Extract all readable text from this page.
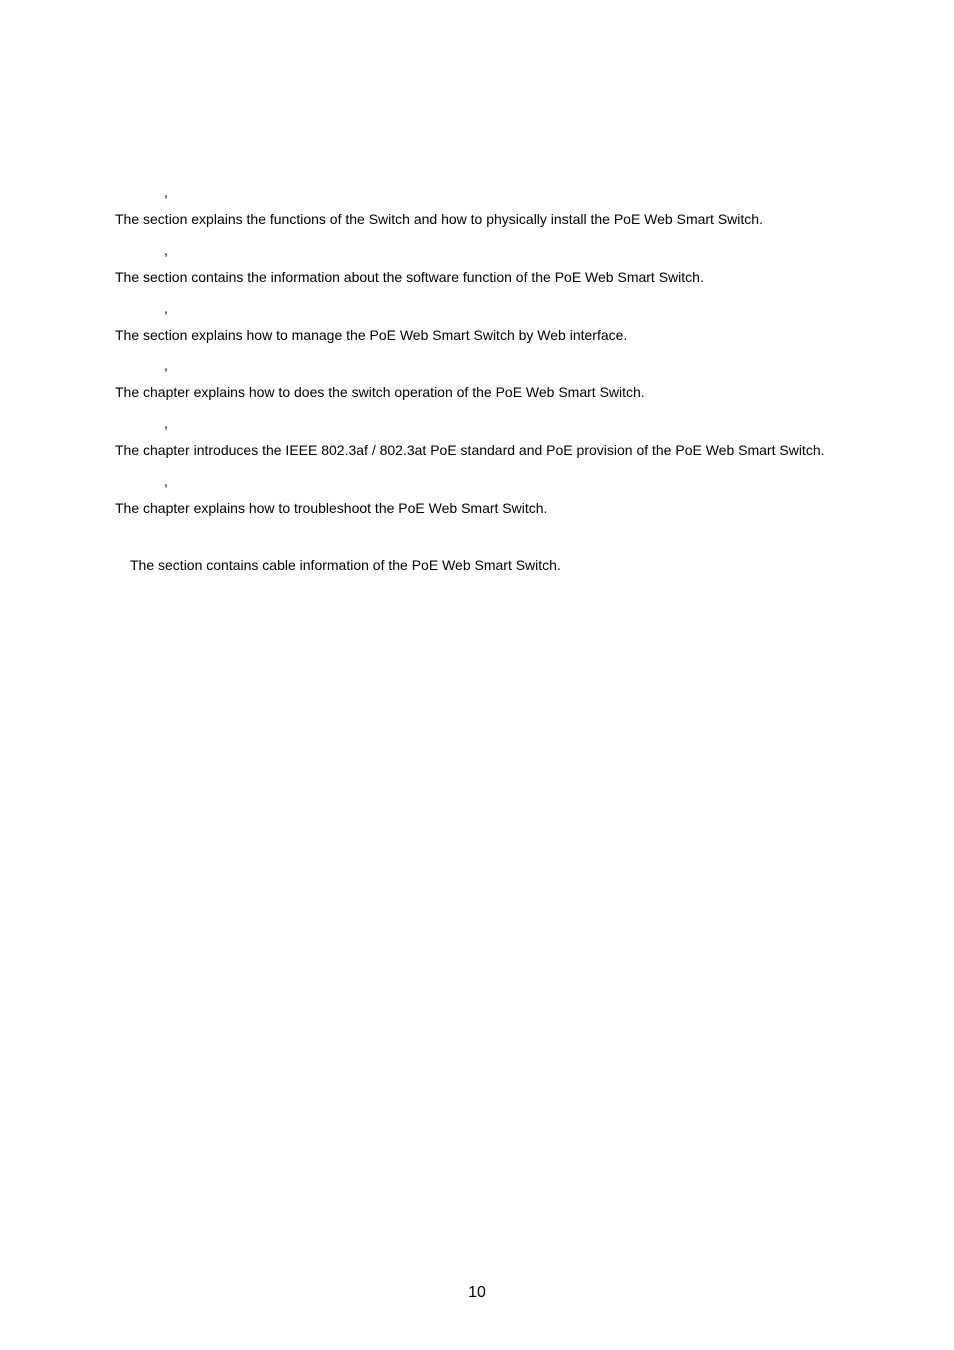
,
The section explains the functions of the Switch and how to physically install the PoE Web Smart Switch.
,
The section contains the information about the software function of the PoE Web Smart Switch.
,
The section explains how to manage the PoE Web Smart Switch by Web interface.
,
The chapter explains how to does the switch operation of the PoE Web Smart Switch.
,
The chapter introduces the IEEE 802.3af / 802.3at PoE standard and PoE provision of the PoE Web Smart Switch.
,
The chapter explains how to troubleshoot the PoE Web Smart Switch.
The section contains cable information of the PoE Web Smart Switch.
10
